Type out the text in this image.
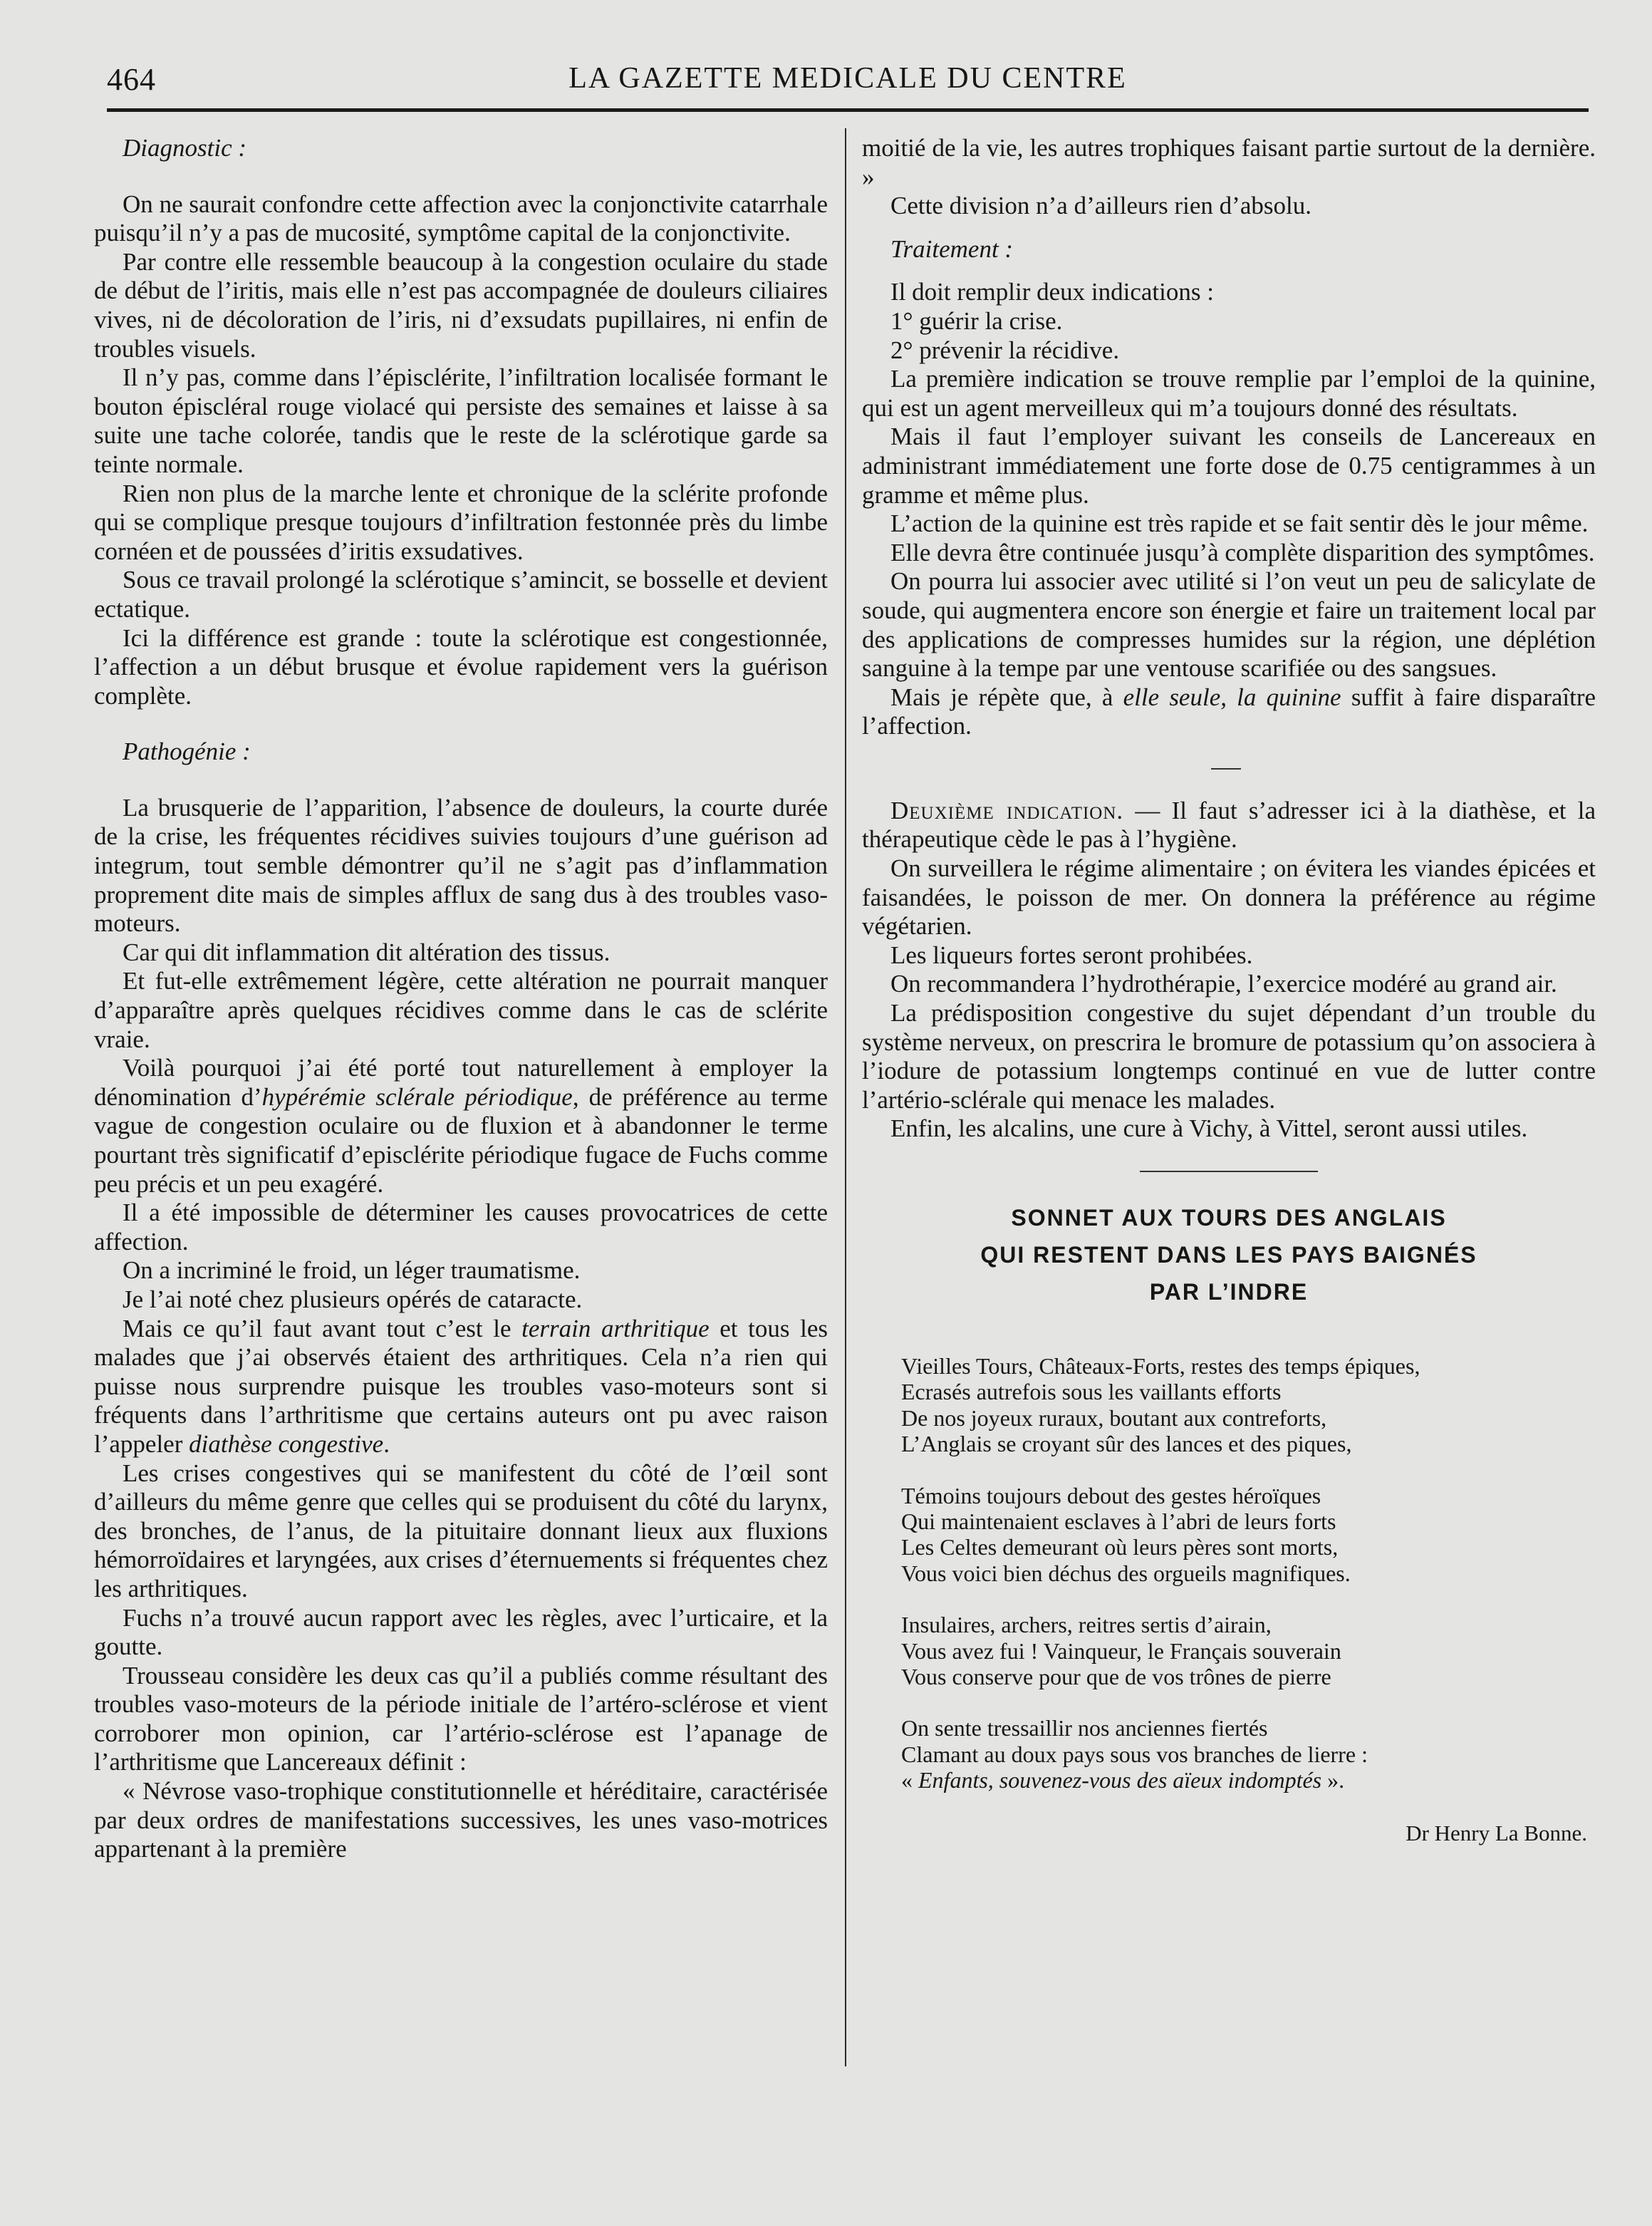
464	LA GAZETTE MEDICALE DU CENTRE

Diagnostic :

On ne saurait confondre cette affection avec la conjonctivite catarrhale puisqu’il n’y a pas de mucosité, symptôme capital de la conjonctivite.

Par contre elle ressemble beaucoup à la congestion oculaire du stade de début de l’iritis, mais elle n’est pas accompagnée de douleurs ciliaires vives, ni de décoloration de l’iris, ni d’exsudats pupillaires, ni enfin de troubles visuels.

Il n’y pas, comme dans l’épisclérite, l’infiltration localisée formant le bouton épiscléral rouge violacé qui persiste des semaines et laisse à sa suite une tache colorée, tandis que le reste de la sclérotique garde sa teinte normale.

Rien non plus de la marche lente et chronique de la sclérite profonde qui se complique presque toujours d’infiltration festonnée près du limbe cornéen et de poussées d’iritis exsudatives.

Sous ce travail prolongé la sclérotique s’amincit, se bosselle et devient ectatique.

Ici la différence est grande : toute la sclérotique est congestionnée, l’affection a un début brusque et évolue rapidement vers la guérison complète.

Pathogénie :

La brusquerie de l’apparition, l’absence de douleurs, la courte durée de la crise, les fréquentes récidives suivies toujours d’une guérison ad integrum, tout semble démontrer qu’il ne s’agit pas d’inflammation proprement dite mais de simples afflux de sang dus à des troubles vaso-moteurs.

Car qui dit inflammation dit altération des tissus.

Et fut-elle extrêmement légère, cette altération ne pourrait manquer d’apparaître après quelques récidives comme dans le cas de sclérite vraie.

Voilà pourquoi j’ai été porté tout naturellement à employer la dénomination d’hypérémie sclérale périodique, de préférence au terme vague de congestion oculaire ou de fluxion et à abandonner le terme pourtant très significatif d’episclérite périodique fugace de Fuchs comme peu précis et un peu exagéré.

Il a été impossible de déterminer les causes provocatrices de cette affection.

On a incriminé le froid, un léger traumatisme.

Je l’ai noté chez plusieurs opérés de cataracte.

Mais ce qu’il faut avant tout c’est le terrain arthritique et tous les malades que j’ai observés étaient des arthritiques. Cela n’a rien qui puisse nous surprendre puisque les troubles vaso-moteurs sont si fréquents dans l’arthritisme que certains auteurs ont pu avec raison l’appeler diathèse congestive.

Les crises congestives qui se manifestent du côté de l’œil sont d’ailleurs du même genre que celles qui se produisent du côté du larynx, des bronches, de l’anus, de la pituitaire donnant lieux aux fluxions hémorroïdaires et laryngées, aux crises d’éternuements si fréquentes chez les arthritiques.

Fuchs n’a trouvé aucun rapport avec les règles, avec l’urticaire, et la goutte.

Trousseau considère les deux cas qu’il a publiés comme résultant des troubles vaso-moteurs de la période initiale de l’artéro-sclérose et vient corroborer mon opinion, car l’artério-sclérose est l’apanage de l’arthritisme que Lancereaux définit :

« Névrose vaso-trophique constitutionnelle et héréditaire, caractérisée par deux ordres de manifestations successives, les unes vaso-motrices appartenant à la première

moitié de la vie, les autres trophiques faisant partie surtout de la dernière. »

Cette division n’a d’ailleurs rien d’absolu.

Traitement :

Il doit remplir deux indications :

1° guérir la crise.

2° prévenir la récidive.

La première indication se trouve remplie par l’emploi de la quinine, qui est un agent merveilleux qui m’a toujours donné des résultats.

Mais il faut l’employer suivant les conseils de Lancereaux en administrant immédiatement une forte dose de 0.75 centigrammes à un gramme et même plus.

L’action de la quinine est très rapide et se fait sentir dès le jour même.

Elle devra être continuée jusqu’à complète disparition des symptômes.

On pourra lui associer avec utilité si l’on veut un peu de salicylate de soude, qui augmentera encore son énergie et faire un traitement local par des applications de compresses humides sur la région, une déplétion sanguine à la tempe par une ventouse scarifiée ou des sangsues.

Mais je répète que, à elle seule, la quinine suffit à faire disparaître l’affection.

Deuxième indication. — Il faut s’adresser ici à la diathèse, et la thérapeutique cède le pas à l’hygiène.

On surveillera le régime alimentaire ; on évitera les viandes épicées et faisandées, le poisson de mer. On donnera la préférence au régime végétarien.

Les liqueurs fortes seront prohibées.

On recommandera l’hydrothérapie, l’exercice modéré au grand air.

La prédisposition congestive du sujet dépendant d’un trouble du système nerveux, on prescrira le bromure de potassium qu’on associera à l’iodure de potassium longtemps continué en vue de lutter contre l’artério-sclérale qui menace les malades.

Enfin, les alcalins, une cure à Vichy, à Vittel, seront aussi utiles.

SONNET AUX TOURS DES ANGLAIS
QUI RESTENT DANS LES PAYS BAIGNÉS
PAR L’INDRE
Vieilles Tours, Châteaux-Forts, restes des temps épiques,
Ecrasés autrefois sous les vaillants efforts
De nos joyeux ruraux, boutant aux contreforts,
L’Anglais se croyant sûr des lances et des piques,
Témoins toujours debout des gestes héroïques
Qui maintenaient esclaves à l’abri de leurs forts
Les Celtes demeurant où leurs pères sont morts,
Vous voici bien déchus des orgueils magnifiques.
Insulaires, archers, reitres sertis d’airain,
Vous avez fui ! Vainqueur, le Français souverain
Vous conserve pour que de vos trônes de pierre
On sente tressaillir nos anciennes fiertés
Clamant au doux pays sous vos branches de lierre :
« Enfants, souvenez-vous des aïeux indomptés ».
Dr Henry La Bonne.
